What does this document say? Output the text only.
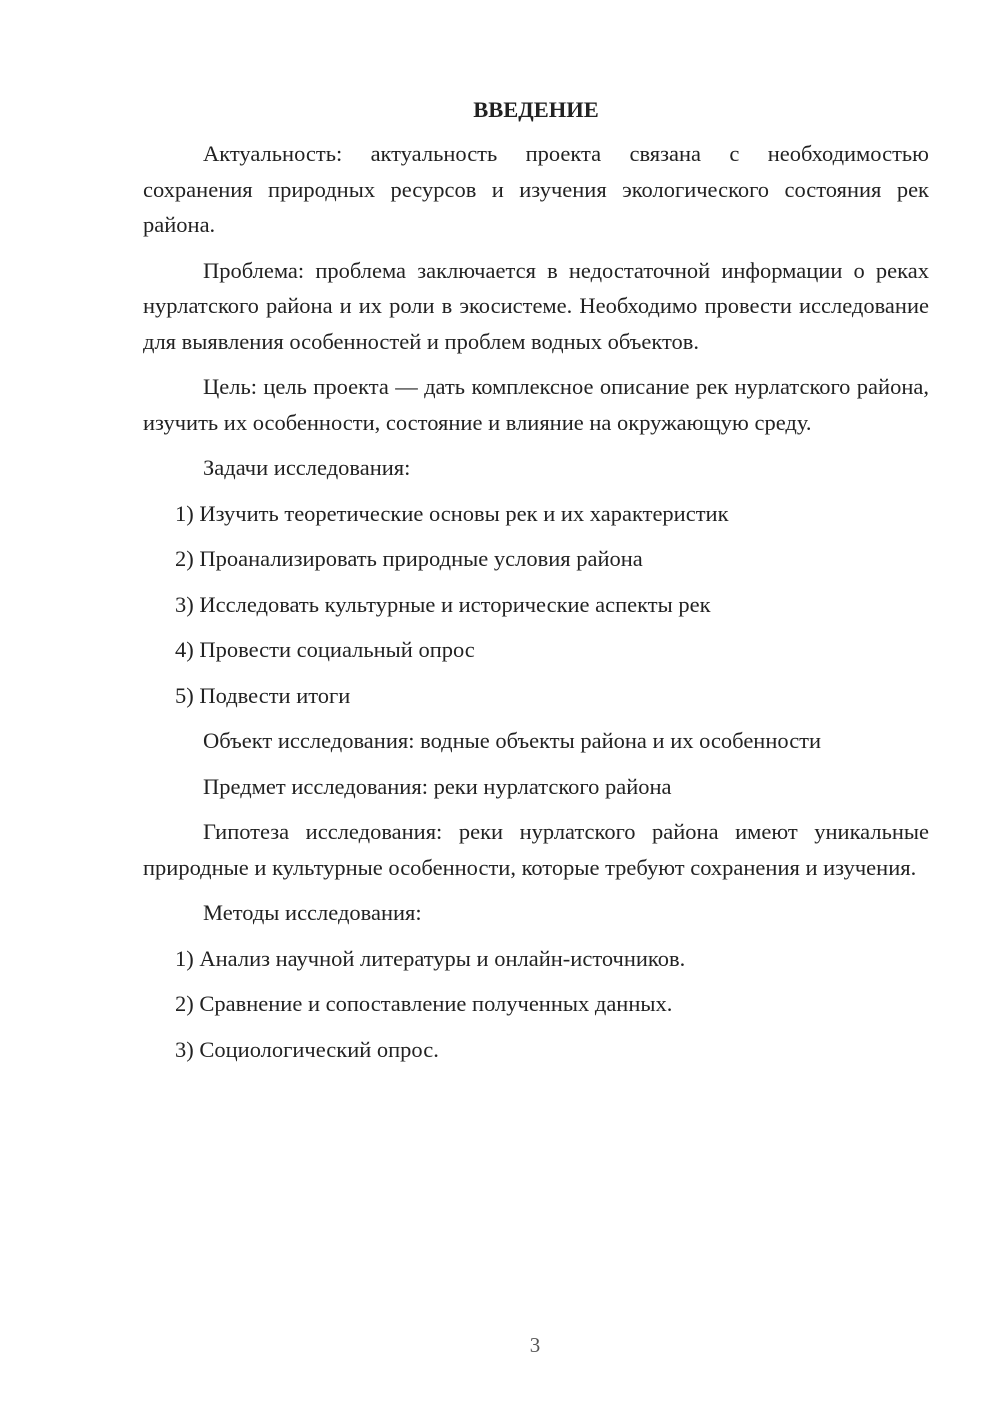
ВВЕДЕНИЕ
Актуальность: актуальность проекта связана с необходимостью сохранения природных ресурсов и изучения экологического состояния рек района.
Проблема: проблема заключается в недостаточной информации о реках нурлатского района и их роли в экосистеме. Необходимо провести исследование для выявления особенностей и проблем водных объектов.
Цель: цель проекта — дать комплексное описание рек нурлатского района, изучить их особенности, состояние и влияние на окружающую среду.
Задачи исследования:
1) Изучить теоретические основы рек и их характеристик
2) Проанализировать природные условия района
3) Исследовать культурные и исторические аспекты рек
4) Провести социальный опрос
5) Подвести итоги
Объект исследования: водные объекты района и их особенности
Предмет исследования: реки нурлатского района
Гипотеза исследования: реки нурлатского района имеют уникальные природные и культурные особенности, которые требуют сохранения и изучения.
Методы исследования:
1) Анализ научной литературы и онлайн-источников.
2) Сравнение и сопоставление полученных данных.
3) Социологический опрос.
3
